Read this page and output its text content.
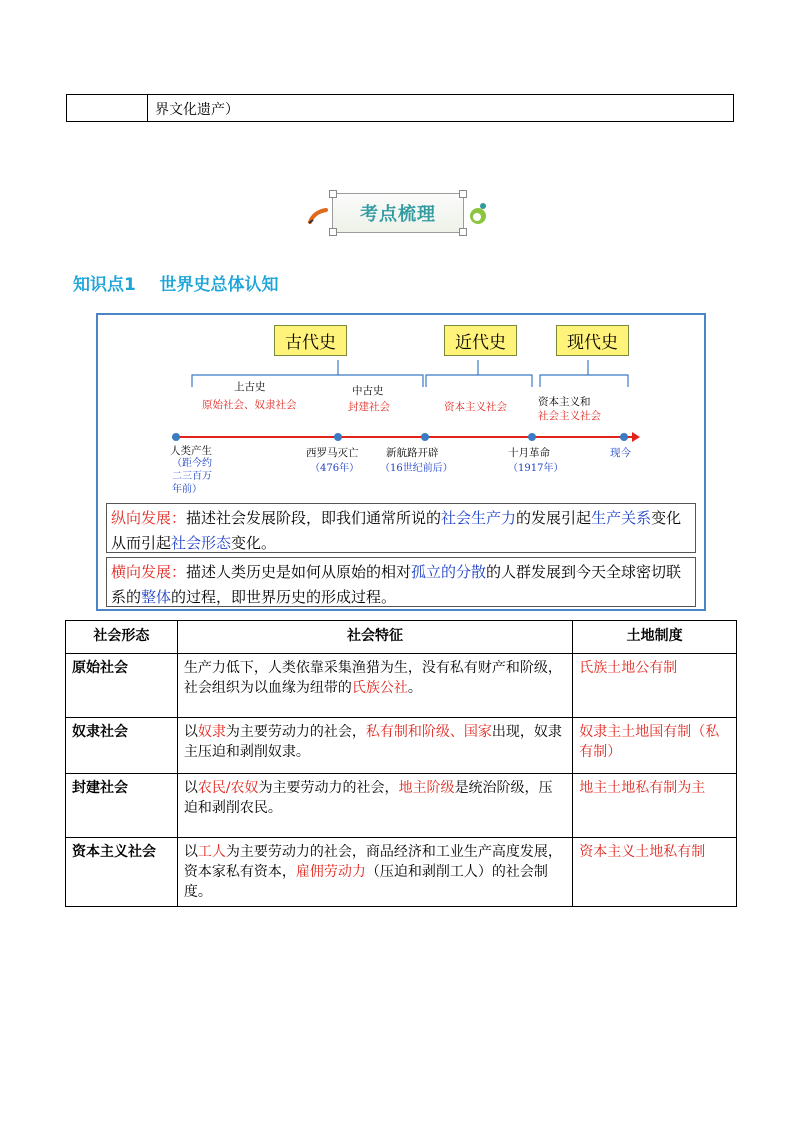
界文化遗产）
考点梳理
知识点1 世界史总体认知
古代史	近代史	现代史
上古史
原始社会、奴隶社会
中古史
封建社会	资本主义社会	资本主义和
社会主义社会
人类产生
（距今约二三百万年前）
西罗马灭亡
（476年）
新航路开辟
（16世纪前后）
十月革命
（1917年）
现今
纵向发展：描述社会发展阶段，即我们通常所说的社会生产力的发展引起生产关系变化从而引起社会形态变化。
横向发展：描述人类历史是如何从原始的相对孤立的分散的人群发展到今天全球密切联系的整体的过程，即世界历史的形成过程。
社会形态	社会特征	土地制度
原始社会	生产力低下，人类依靠采集渔猎为生，没有私有财产和阶级，社会组织为以血缘为纽带的氏族公社。	氏族土地公有制
奴隶社会	以奴隶为主要劳动力的社会，私有制和阶级、国家出现，奴隶主压迫和剥削奴隶。	奴隶主土地国有制（私有制）
封建社会	以农民/农奴为主要劳动力的社会，地主阶级是统治阶级，压迫和剥削农民。	地主土地私有制为主
资本主义社会	以工人为主要劳动力的社会，商品经济和工业生产高度发展，资本家私有资本，雇佣劳动力（压迫和剥削工人）的社会制度。	资本主义土地私有制
